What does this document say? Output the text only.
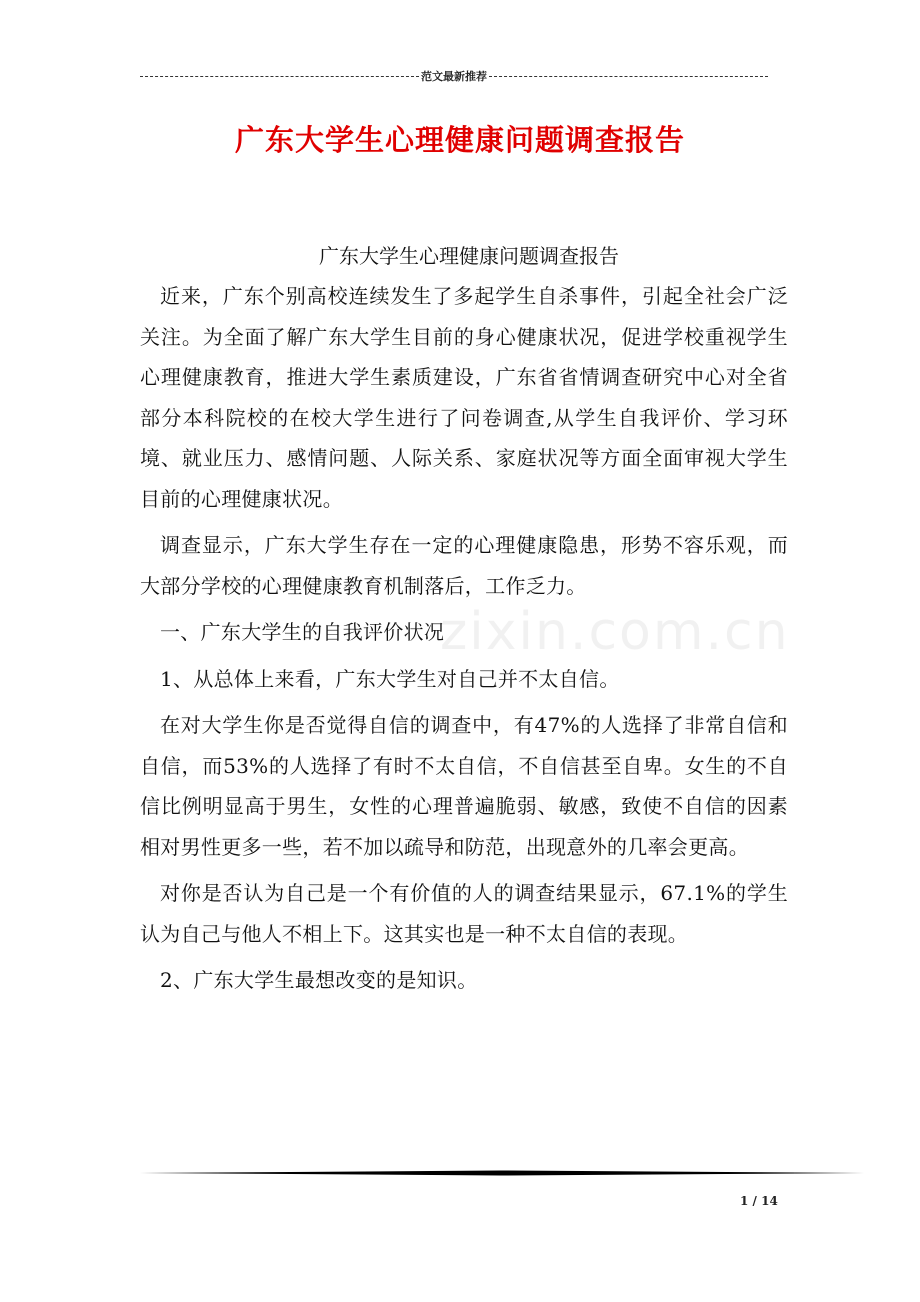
范文最新推荐
广东大学生心理健康问题调查报告
zixin.com.cn
广东大学生心理健康问题调查报告

近来，广东个别高校连续发生了多起学生自杀事件，引起全社会广泛关注。为全面了解广东大学生目前的身心健康状况，促进学校重视学生心理健康教育，推进大学生素质建设，广东省省情调查研究中心对全省部分本科院校的在校大学生进行了问卷调查,从学生自我评价、学习环境、就业压力、感情问题、人际关系、家庭状况等方面全面审视大学生目前的心理健康状况。

调查显示，广东大学生存在一定的心理健康隐患，形势不容乐观，而大部分学校的心理健康教育机制落后，工作乏力。

一、广东大学生的自我评价状况

1、从总体上来看，广东大学生对自己并不太自信。

在对大学生你是否觉得自信的调查中，有47%的人选择了非常自信和自信，而53%的人选择了有时不太自信，不自信甚至自卑。女生的不自信比例明显高于男生，女性的心理普遍脆弱、敏感，致使不自信的因素相对男性更多一些，若不加以疏导和防范，出现意外的几率会更高。

对你是否认为自己是一个有价值的人的调查结果显示，67.1%的学生认为自己与他人不相上下。这其实也是一种不太自信的表现。

2、广东大学生最想改变的是知识。

1 / 14
